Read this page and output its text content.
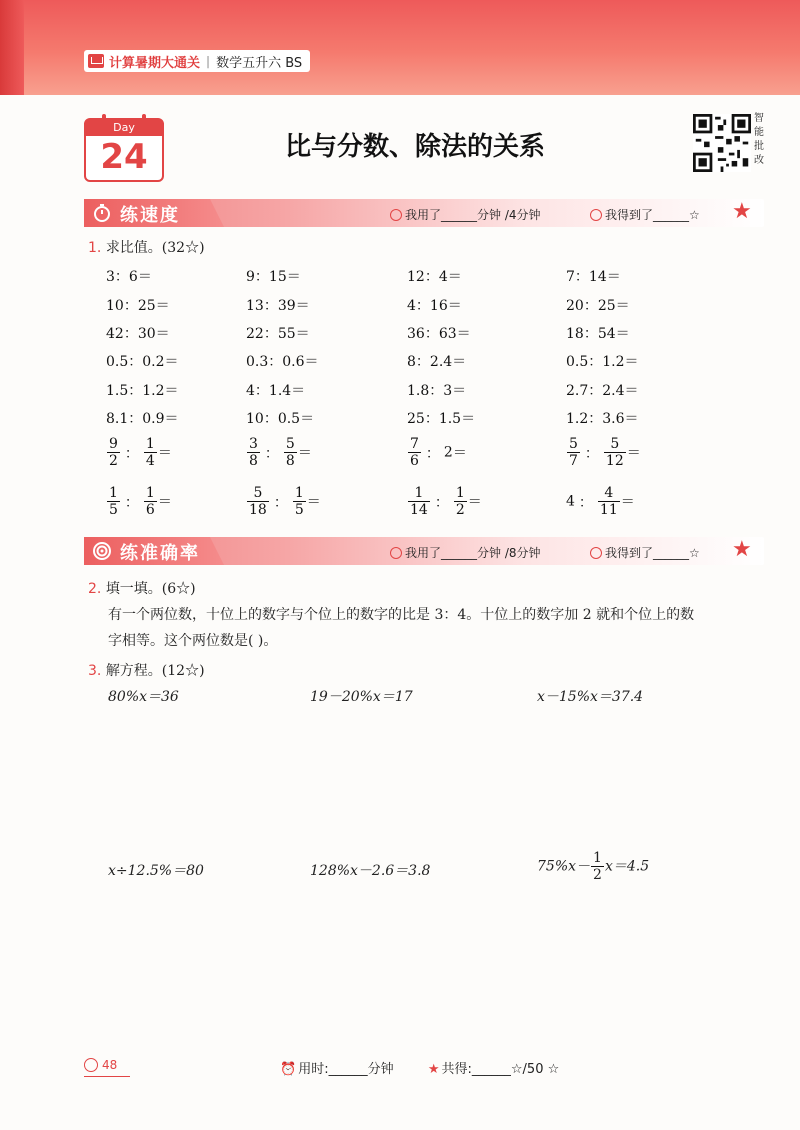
计算暑期大通关 | 数学五升六 BS
Day
24	比与分数、除法的关系
智
能
批
改
练速度	我用了______分钟 /4分钟	我得到了______☆ ★
1. 求比值。(32☆)
3：6＝	9：15＝	12：4＝	7：14＝
10：25＝	13：39＝	4：16＝	20：25＝
42：30＝	22：55＝	36：63＝	18：54＝
0.5：0.2＝	0.3：0.6＝	8：2.4＝	0.5：1.2＝
1.5：1.2＝	4：1.4＝	1.8：3＝	2.7：2.4＝
8.1：0.9＝	10：0.5＝	25：1.5＝	1.2：3.6＝
$\frac{9}{2}$ ： $\frac{1}{4}$ ＝	$\frac{3}{8}$ ： $\frac{5}{8}$ ＝	$\frac{7}{6}$ ： 2＝	$\frac{5}{7}$ ： $\frac{5}{12}$ ＝
$\frac{1}{5}$ ： $\frac{1}{6}$ ＝	$\frac{5}{18}$ ： $\frac{1}{5}$ ＝	$\frac{1}{14}$ ： $\frac{1}{2}$ ＝	4 ： $\frac{4}{11}$ ＝
练准确率	我用了______分钟 /8分钟	我得到了______☆ ★
2. 填一填。(6☆)
有一个两位数，十位上的数字与个位上的数字的比是 3：4。十位上的数字加 2 就和个位上的数
字相等。这个两位数是( )。
3. 解方程。(12☆)
80%x＝36	19－20%x＝17	x－15%x＝37.4
x÷12.5%＝80	128%x－2.6＝3.8	$75\%x- \frac{1}{2} x=4.5$
⏰ 用时:______分钟	★ 共得:______☆/50 ☆
48
